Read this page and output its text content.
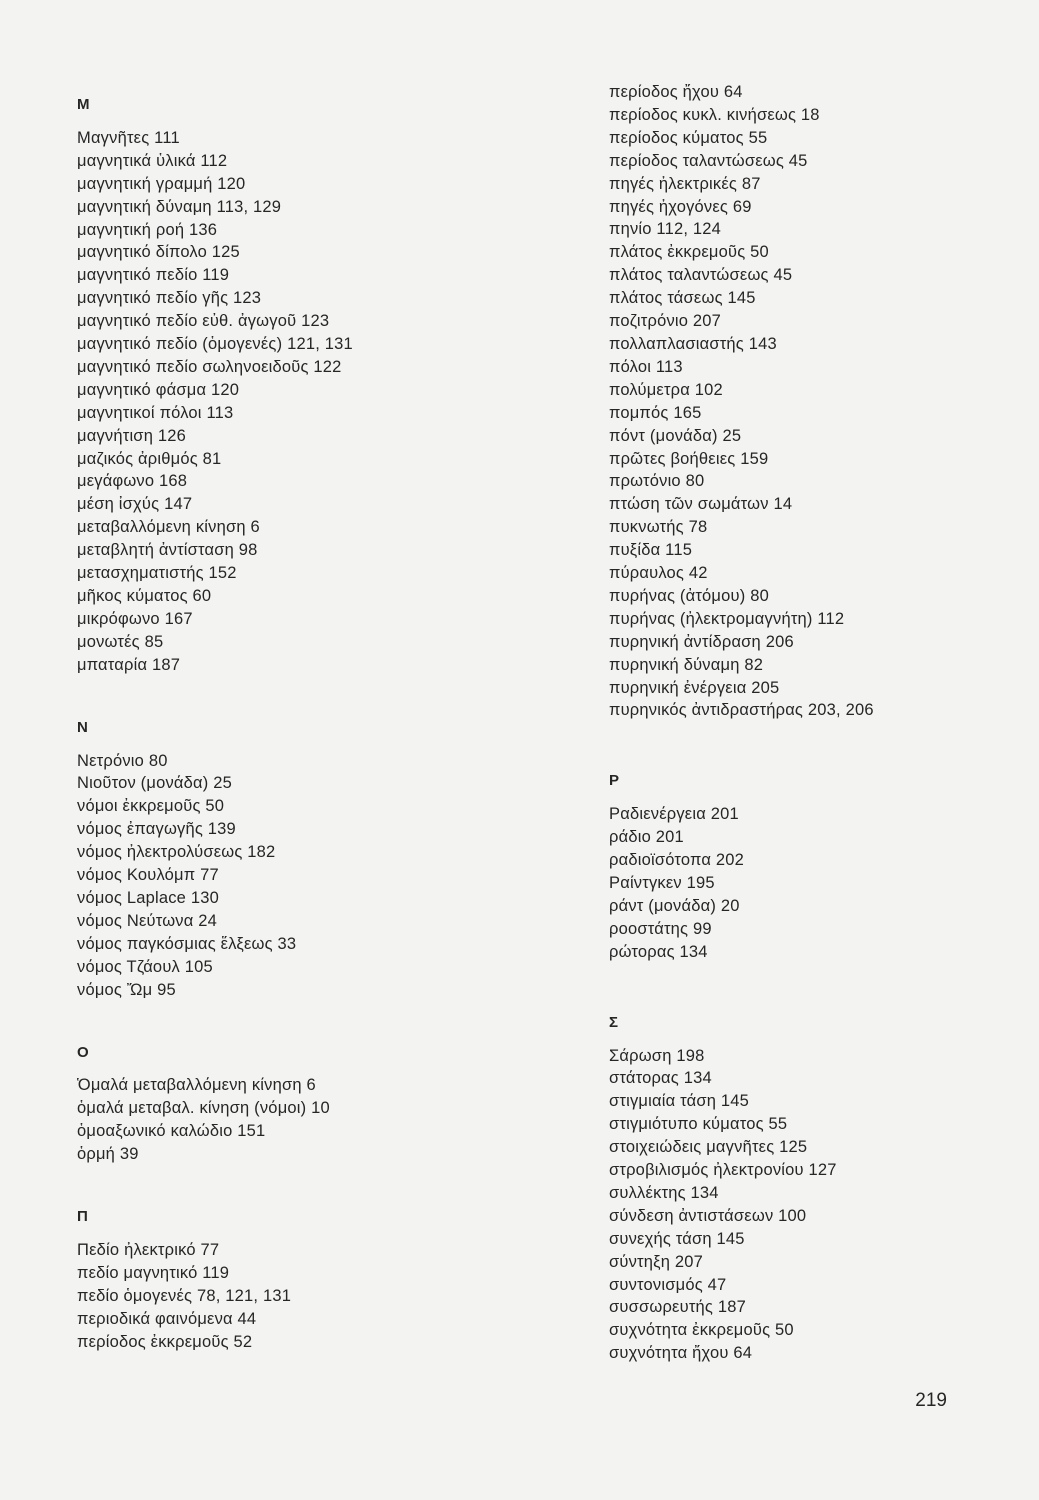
Μ
Μαγνῆτες 111
μαγνητικά ὑλικά 112
μαγνητική γραμμή 120
μαγνητική δύναμη 113, 129
μαγνητική ροή 136
μαγνητικό δίπολο 125
μαγνητικό πεδίο 119
μαγνητικό πεδίο γῆς 123
μαγνητικό πεδίο εὐθ. ἀγωγοῦ 123
μαγνητικό πεδίο (ὁμογενές) 121, 131
μαγνητικό πεδίο σωληνοειδοῦς 122
μαγνητικό φάσμα 120
μαγνητικοί πόλοι 113
μαγνήτιση 126
μαζικός ἀριθμός 81
μεγάφωνο 168
μέση ἰσχύς 147
μεταβαλλόμενη κίνηση 6
μεταβλητή ἀντίσταση 98
μετασχηματιστής 152
μῆκος κύματος 60
μικρόφωνο 167
μονωτές 85
μπαταρία 187
Ν
Νετρόνιο 80
Νιοῦτον (μονάδα) 25
νόμοι ἐκκρεμοῦς 50
νόμος ἐπαγωγῆς 139
νόμος ἠλεκτρολύσεως 182
νόμος Κουλόμπ 77
νόμος Laplace 130
νόμος Νεύτωνα 24
νόμος παγκόσμιας ἕλξεως 33
νόμος Τζάουλ 105
νόμος Ὤμ 95
Ο
Ὁμαλά μεταβαλλόμενη κίνηση 6
ὁμαλά μεταβαλ. κίνηση (νόμοι) 10
ὁμοαξωνικό καλώδιο 151
ὁρμή 39
Π
Πεδίο ἠλεκτρικό 77
πεδίο μαγνητικό 119
πεδίο ὁμογενές 78, 121, 131
περιοδικά φαινόμενα 44
περίοδος ἐκκρεμοῦς 52
περίοδος ἤχου 64
περίοδος κυκλ. κινήσεως 18
περίοδος κύματος 55
περίοδος ταλαντώσεως 45
πηγές ἠλεκτρικές 87
πηγές ἠχογόνες 69
πηνίο 112, 124
πλάτος ἐκκρεμοῦς 50
πλάτος ταλαντώσεως 45
πλάτος τάσεως 145
ποζιτρόνιο 207
πολλαπλασιαστής 143
πόλοι 113
πολύμετρα 102
πομπός 165
πόντ (μονάδα) 25
πρῶτες βοήθειες 159
πρωτόνιο 80
πτώση τῶν σωμάτων 14
πυκνωτής 78
πυξίδα 115
πύραυλος 42
πυρήνας (ἀτόμου) 80
πυρήνας (ἠλεκτρομαγνήτη) 112
πυρηνική ἀντίδραση 206
πυρηνική δύναμη 82
πυρηνική ἐνέργεια 205
πυρηνικός ἀντιδραστήρας 203, 206
Ρ
Ραδιενέργεια 201
ράδιο 201
ραδιοϊσότοπα 202
Ραίντγκεν 195
ράντ (μονάδα) 20
ροοστάτης 99
ρώτορας 134
Σ
Σάρωση 198
στάτορας 134
στιγμιαία τάση 145
στιγμιότυπο κύματος 55
στοιχειώδεις μαγνῆτες 125
στροβιλισμός ἠλεκτρονίου 127
συλλέκτης 134
σύνδεση ἀντιστάσεων 100
συνεχής τάση 145
σύντηξη 207
συντονισμός 47
συσσωρευτής 187
συχνότητα ἐκκρεμοῦς 50
συχνότητα ἤχου 64
219
